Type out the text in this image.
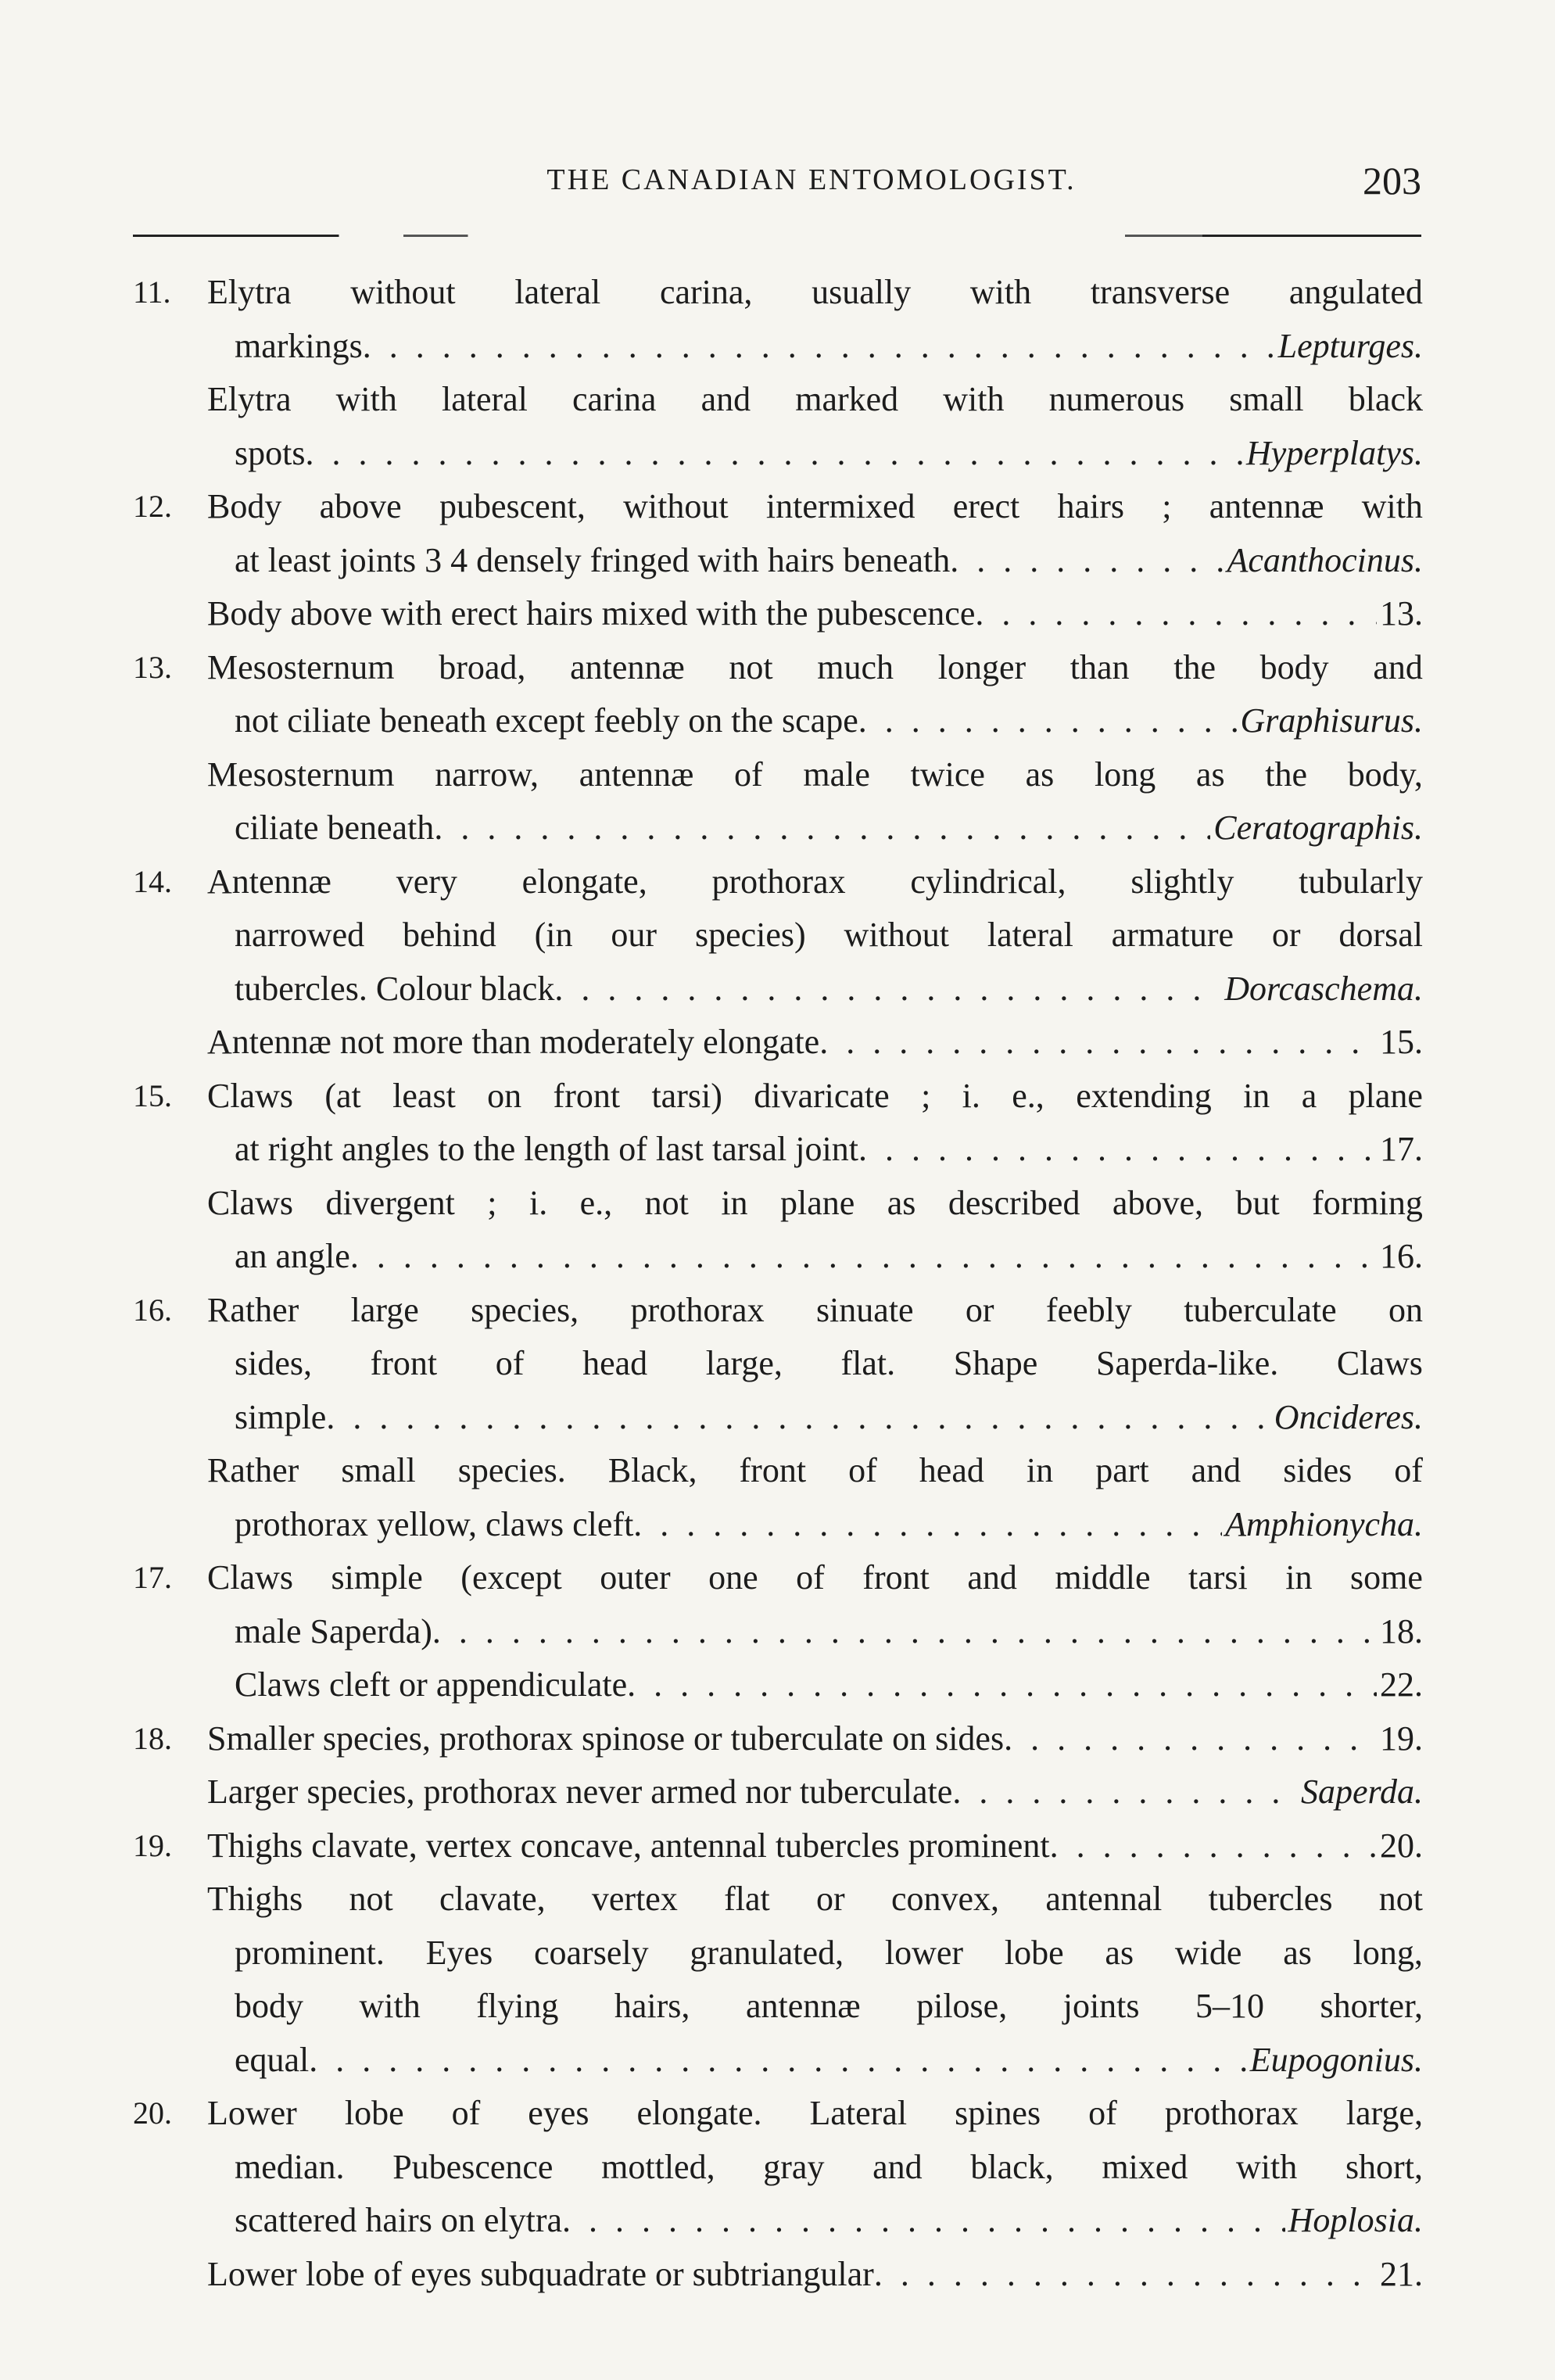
THE CANADIAN ENTOMOLOGIST.	203
11. Elytra without lateral carina, usually with transverse angulated
markings . . .	Lepturges.
Elytra with lateral carina and marked with numerous small black
spots . . .	Hyperplatys.
12. Body above pubescent, without intermixed erect hairs ; antennæ with
at least joints 3 4 densely fringed with hairs beneath . . .	Acanthocinus.
Body above with erect hairs mixed with the pubescence . . .	13.
13. Mesosternum broad, antennæ not much longer than the body and
not ciliate beneath except feebly on the scape . . .	Graphisurus.
Mesosternum narrow, antennæ of male twice as long as the body,
ciliate beneath . . .	Ceratographis.
14. Antennæ very elongate, prothorax cylindrical, slightly tubularly
narrowed behind (in our species) without lateral armature or dorsal
tubercles. Colour black . . .	Dorcaschema.
Antennæ not more than moderately elongate . . .	15.
15. Claws (at least on front tarsi) divaricate ; i. e., extending in a plane
at right angles to the length of last tarsal joint . . .	17.
Claws divergent ; i. e., not in plane as described above, but forming
an angle . . .	16.
16. Rather large species, prothorax sinuate or feebly tuberculate on
sides, front of head large, flat. Shape Saperda-like. Claws
simple . . .	Oncideres.
Rather small species. Black, front of head in part and sides of
prothorax yellow, claws cleft . . .	Amphionycha.
17. Claws simple (except outer one of front and middle tarsi in some
male Saperda) . . .	18.
Claws cleft or appendiculate . . .	22.
18. Smaller species, prothorax spinose or tuberculate on sides . . .	19.
Larger species, prothorax never armed nor tuberculate . . .	Saperda.
19. Thighs clavate, vertex concave, antennal tubercles prominent . . .	20.
Thighs not clavate, vertex flat or convex, antennal tubercles not
prominent. Eyes coarsely granulated, lower lobe as wide as long,
body with flying hairs, antennæ pilose, joints 5–10 shorter,
equal . . .	Eupogonius.
20. Lower lobe of eyes elongate. Lateral spines of prothorax large,
median. Pubescence mottled, gray and black, mixed with short,
scattered hairs on elytra . . .	Hoplosia.
Lower lobe of eyes subquadrate or subtriangular . . .	21.
